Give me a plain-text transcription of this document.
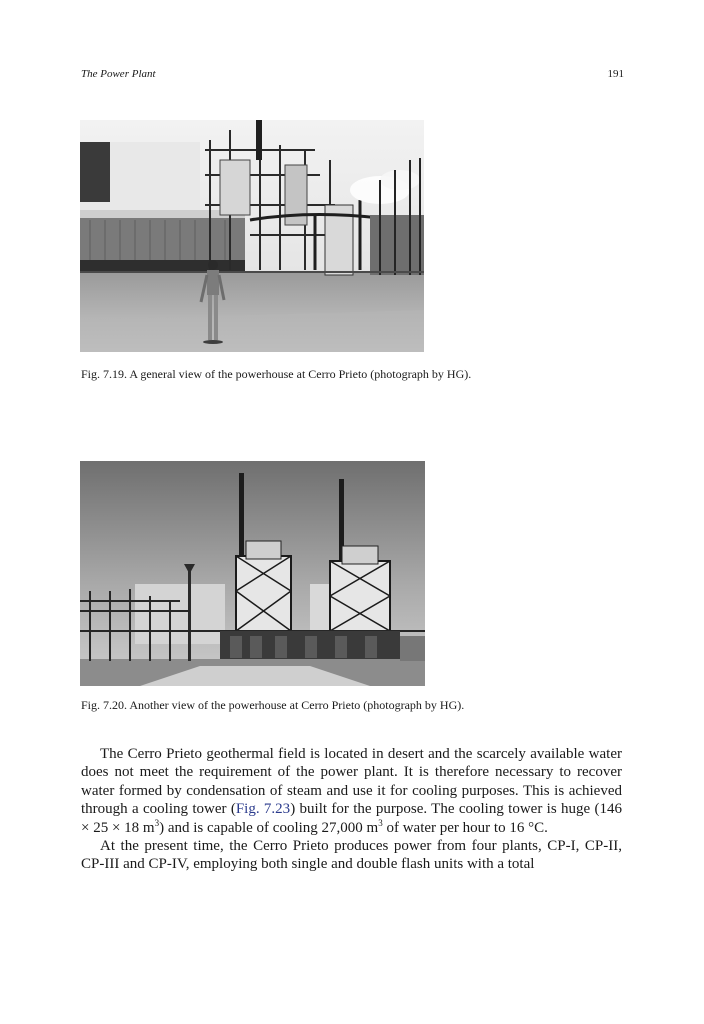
The Power Plant	191
Fig. 7.19. A general view of the powerhouse at Cerro Prieto (photograph by HG).
Fig. 7.20. Another view of the powerhouse at Cerro Prieto (photograph by HG).

The Cerro Prieto geothermal field is located in desert and the scarcely available water does not meet the requirement of the power plant. It is therefore necessary to recover water formed by condensation of steam and use it for cooling purposes. This is achieved through a cooling tower (Fig. 7.23) built for the purpose. The cooling tower is huge (146 × 25 × 18 $m^3$) and is capable of cooling 27,000 $m^3$ of water per hour to 16 °C.

At the present time, the Cerro Prieto produces power from four plants, CP-I, CP-II, CP-III and CP-IV, employing both single and double flash units with a total
